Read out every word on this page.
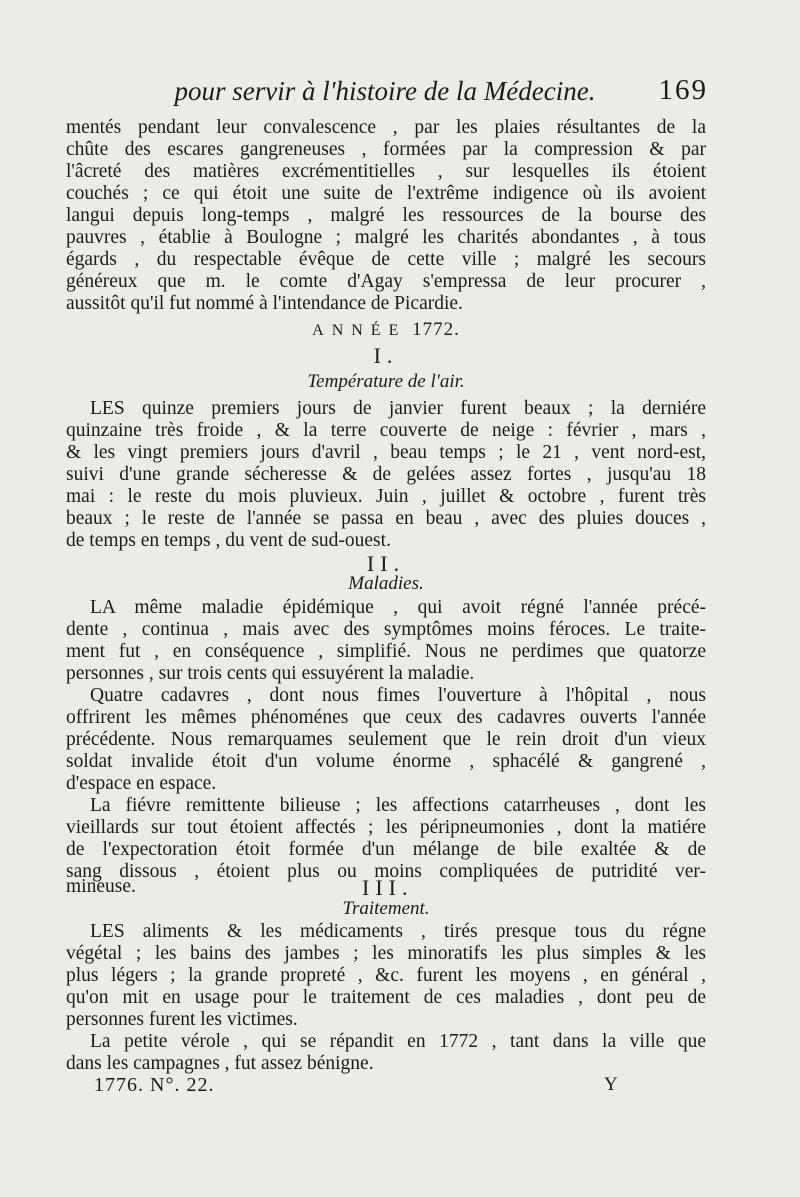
pour servir à l'histoire de la Médecine.	169
mentés pendant leur convalescence , par les plaies résultantes de la
chûte des escares gangreneuses , formées par la compression & par
l'âcreté des matières excrémentitielles , sur lesquelles ils étoient
couchés ; ce qui étoit une suite de l'extrême indigence où ils avoient
langui depuis long-temps , malgré les ressources de la bourse des
pauvres , établie à Boulogne ; malgré les charités abondantes , à tous
égards , du respectable évêque de cette ville ; malgré les secours
généreux que m. le comte d'Agay s'empressa de leur procurer ,
aussitôt qu'il fut nommé à l'intendance de Picardie.
ANNÉE 1772.
I.
Température de l'air.
LES quinze premiers jours de janvier furent beaux ; la derniére
quinzaine très froide , & la terre couverte de neige : février , mars ,
& les vingt premiers jours d'avril , beau temps ; le 21 , vent nord-est,
suivi d'une grande sécheresse & de gelées assez fortes , jusqu'au 18
mai : le reste du mois pluvieux. Juin , juillet & octobre , furent très
beaux ; le reste de l'année se passa en beau , avec des pluies douces ,
de temps en temps , du vent de sud-ouest.
II.
Maladies.
LA même maladie épidémique , qui avoit régné l'année précé-
dente , continua , mais avec des symptômes moins féroces. Le traite-
ment fut , en conséquence , simplifié. Nous ne perdimes que quatorze
personnes , sur trois cents qui essuyérent la maladie.
Quatre cadavres , dont nous fimes l'ouverture à l'hôpital , nous
offrirent les mêmes phénoménes que ceux des cadavres ouverts l'année
précédente. Nous remarquames seulement que le rein droit d'un vieux
soldat invalide étoit d'un volume énorme , sphacélé & gangrené ,
d'espace en espace.
La fiévre remittente bilieuse ; les affections catarrheuses , dont les
vieillards sur tout étoient affectés ; les péripneumonies , dont la matiére
de l'expectoration étoit formée d'un mélange de bile exaltée & de
sang dissous , étoient plus ou moins compliquées de putridité ver-
mineuse.	III.
Traitement.
LES aliments & les médicaments , tirés presque tous du régne
végétal ; les bains des jambes ; les minoratifs les plus simples & les
plus légers ; la grande propreté , &c. furent les moyens , en général ,
qu'on mit en usage pour le traitement de ces maladies , dont peu de
personnes furent les victimes.
La petite vérole , qui se répandit en 1772 , tant dans la ville que
dans les campagnes , fut assez bénigne.
1776. N°. 22.	Y
